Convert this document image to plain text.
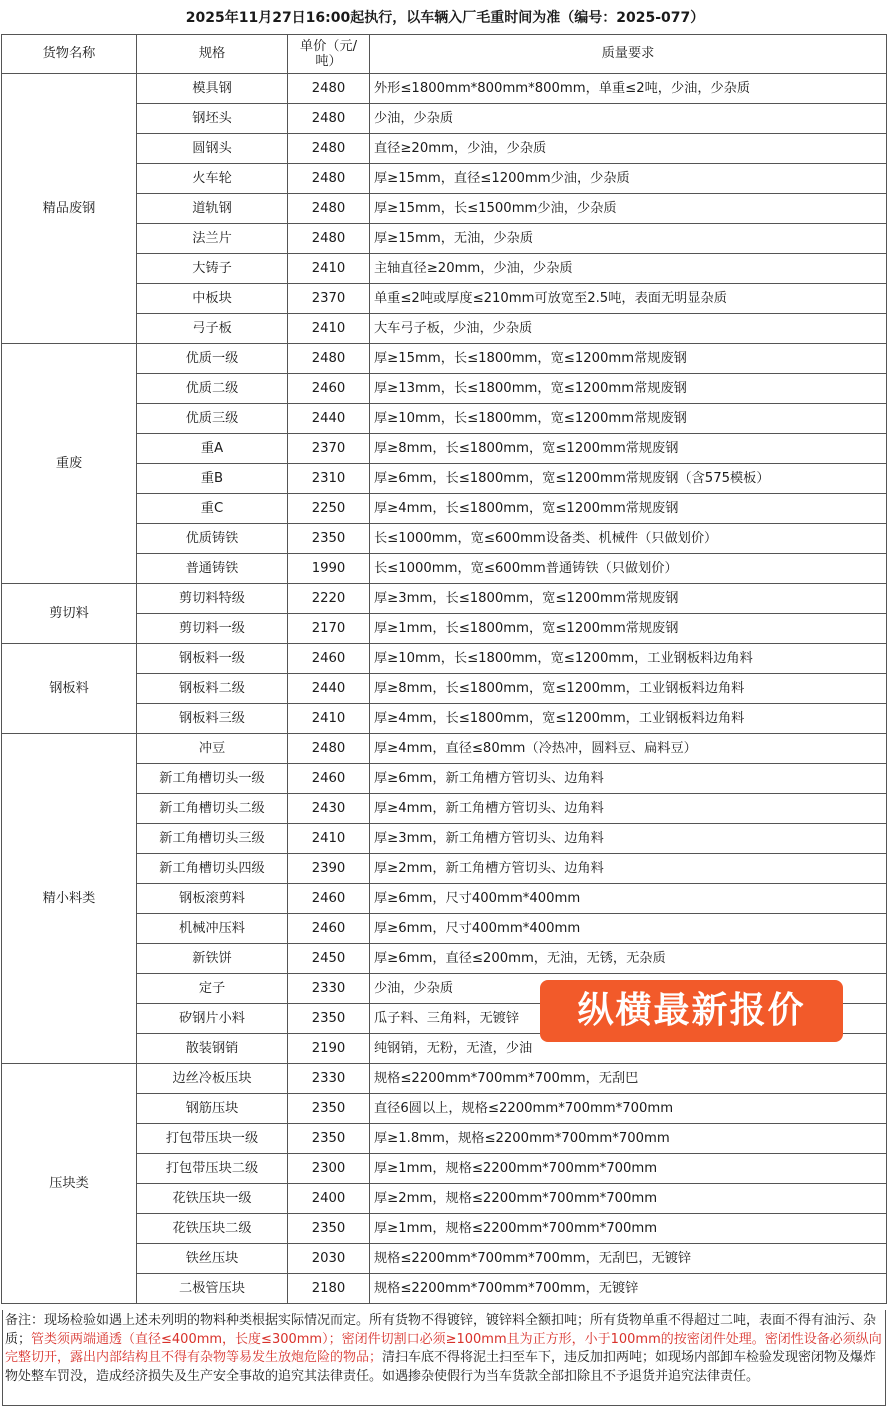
2025年11月27日16:00起执行，以车辆入厂毛重时间为准（编号：2025-077）
货物名称	规格	单价（元/吨）	质量要求
精品废钢	模具钢	2480	外形≤1800mm*800mm*800mm，单重≤2吨，少油，少杂质
	钢坯头	2480	少油，少杂质
	圆钢头	2480	直径≥20mm，少油，少杂质
	火车轮	2480	厚≥15mm，直径≤1200mm少油，少杂质
	道轨钢	2480	厚≥15mm，长≤1500mm少油，少杂质
	法兰片	2480	厚≥15mm，无油，少杂质
	大铸子	2410	主轴直径≥20mm，少油，少杂质
	中板块	2370	单重≤2吨或厚度≤210mm可放宽至2.5吨，表面无明显杂质
	弓子板	2410	大车弓子板，少油，少杂质
重废	优质一级	2480	厚≥15mm，长≤1800mm，宽≤1200mm常规废钢
	优质二级	2460	厚≥13mm，长≤1800mm，宽≤1200mm常规废钢
	优质三级	2440	厚≥10mm，长≤1800mm，宽≤1200mm常规废钢
	重A	2370	厚≥8mm，长≤1800mm，宽≤1200mm常规废钢
	重B	2310	厚≥6mm，长≤1800mm，宽≤1200mm常规废钢（含575模板）
	重C	2250	厚≥4mm，长≤1800mm，宽≤1200mm常规废钢
	优质铸铁	2350	长≤1000mm，宽≤600mm设备类、机械件（只做划价）
	普通铸铁	1990	长≤1000mm，宽≤600mm普通铸铁（只做划价）
剪切料	剪切料特级	2220	厚≥3mm，长≤1800mm，宽≤1200mm常规废钢
	剪切料一级	2170	厚≥1mm，长≤1800mm，宽≤1200mm常规废钢
钢板料	钢板料一级	2460	厚≥10mm，长≤1800mm，宽≤1200mm，工业钢板料边角料
	钢板料二级	2440	厚≥8mm，长≤1800mm，宽≤1200mm，工业钢板料边角料
	钢板料三级	2410	厚≥4mm，长≤1800mm，宽≤1200mm，工业钢板料边角料
精小料类	冲豆	2480	厚≥4mm，直径≤80mm（冷热冲，圆料豆、扁料豆）
	新工角槽切头一级	2460	厚≥6mm，新工角槽方管切头、边角料
	新工角槽切头二级	2430	厚≥4mm，新工角槽方管切头、边角料
	新工角槽切头三级	2410	厚≥3mm，新工角槽方管切头、边角料
	新工角槽切头四级	2390	厚≥2mm，新工角槽方管切头、边角料
	钢板滚剪料	2460	厚≥6mm，尺寸400mm*400mm
	机械冲压料	2460	厚≥6mm，尺寸400mm*400mm
	新铁饼	2450	厚≥6mm，直径≤200mm，无油，无锈，无杂质
	定子	2330	少油，少杂质
	矽钢片小料	2350	瓜子料、三角料，无镀锌
	散装钢销	2190	纯钢销，无粉，无渣，少油
压块类	边丝冷板压块	2330	规格≤2200mm*700mm*700mm，无刮巴
	钢筋压块	2350	直径6圆以上，规格≤2200mm*700mm*700mm
	打包带压块一级	2350	厚≥1.8mm，规格≤2200mm*700mm*700mm
	打包带压块二级	2300	厚≥1mm，规格≤2200mm*700mm*700mm
	花铁压块一级	2400	厚≥2mm，规格≤2200mm*700mm*700mm
	花铁压块二级	2350	厚≥1mm，规格≤2200mm*700mm*700mm
	铁丝压块	2030	规格≤2200mm*700mm*700mm，无刮巴，无镀锌
	二极管压块	2180	规格≤2200mm*700mm*700mm，无镀锌
备注：现场检验如遇上述未列明的物料种类根据实际情况而定。所有货物不得镀锌，镀锌料全额扣吨；所有货物单重不得超过二吨，表面不得有油污、杂质；管类须两端通透（直径≤400mm，长度≤300mm）；密闭件切割口必须≥100mm且为正方形，小于100mm的按密闭件处理。密闭性设备必须纵向完整切开，露出内部结构且不得有杂物等易发生放炮危险的物品；清扫车底不得将泥土扫至车下，违反加扣两吨；如现场内部卸车检验发现密闭物及爆炸物处整车罚没，造成经济损失及生产安全事故的追究其法律责任。如遇掺杂使假行为当车货款全部扣除且不予退货并追究法律责任。
纵横最新报价
